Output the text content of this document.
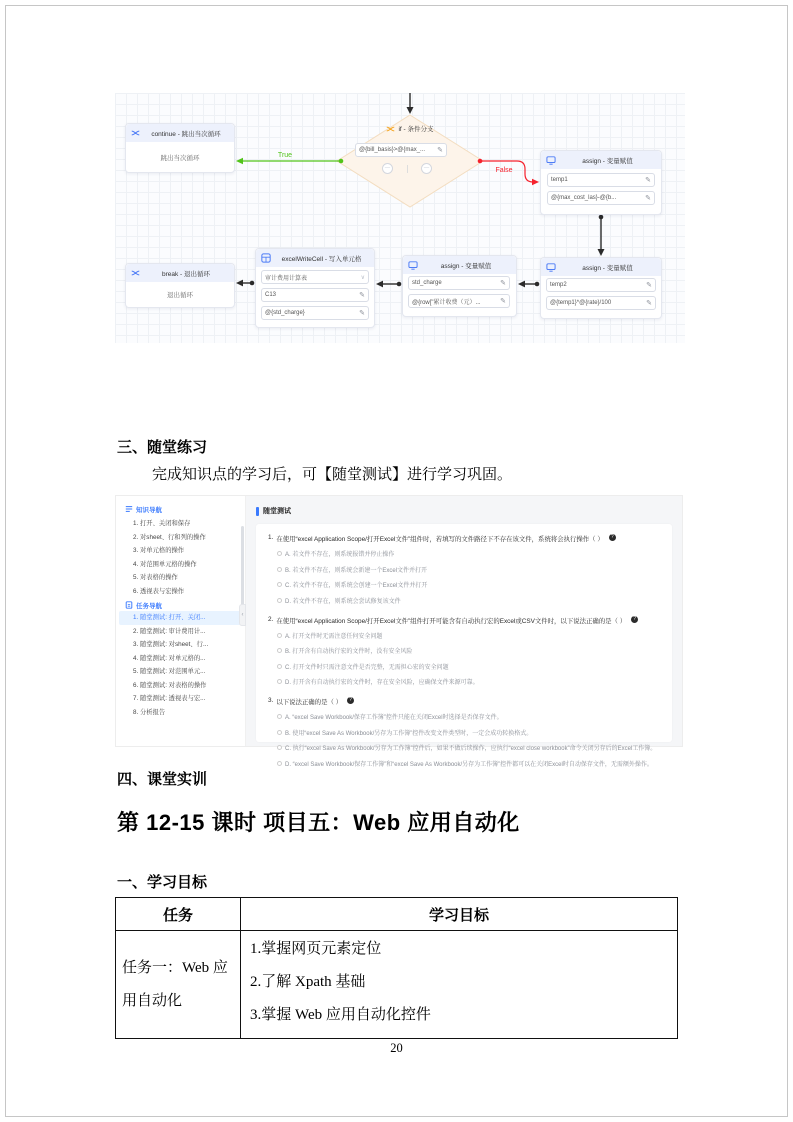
True
False
continue - 跳出当次循环
跳出当次循环
if - 条件分支
@{bill_basis}>@{max_... ✎
－	－
assign - 变量赋值
temp1	✎
@{max_cost_las}-@{b...	✎
break - 退出循环
退出循环
excelWriteCell - 写入单元格
审计费用计算表	∨
C13	✎
@{std_charge}	✎
assign - 变量赋值
std_charge	✎
@{row["累计收费（元）...	✎
assign - 变量赋值
temp2	✎
@{temp1}*@{rate}/100	✎
三、随堂练习
完成知识点的学习后，可【随堂测试】进行学习巩固。
知识导航
1. 打开、关闭和保存
2. 对sheet、行和列的操作
3. 对单元格的操作
4. 对范围单元格的操作
5. 对表格的操作
6. 透视表与宏操作
任务导航
1. 随堂测试: 打开、关闭...
2. 随堂测试: 审计费用计...
3. 随堂测试: 对sheet、行...
4. 随堂测试: 对单元格的...
5. 随堂测试: 对范围单元...
6. 随堂测试: 对表格的操作
7. 随堂测试: 透视表与宏...
8. 分析报告
‹
随堂测试
1. 在使用“excel Application Scope/打开Excel文件”组件时，若填写的文件路径下不存在该文件，系统将会执行操作（ ）	?
A. 若文件不存在，则系统报错并停止操作
B. 若文件不存在，则系统会新建一个Excel文件并打开
C. 若文件不存在，则系统会创建一个Excel文件并打开
D. 若文件不存在，则系统会尝试修复该文件
2. 在使用“excel Application Scope/打开Excel文件”组件打开可能含有自动执行宏的Excel或CSV文件时，以下说法正确的是（ ）	?
A. 打开文件时无需注意任何安全问题
B. 打开含有自动执行宏的文件时，没有安全风险
C. 打开文件时只需注意文件是否完整，无需担心宏的安全问题
D. 打开含有自动执行宏的文件时，存在安全风险，应确保文件来源可靠。
3. 以下说法正确的是（ ）	?
A. “excel Save Workbook/保存工作簿”控件只能在关闭Excel时选择是否保存文件。
B. 使用“excel Save As Workbook/另存为工作簿”控件改变文件类型时，一定会成功转换格式。
C. 执行“excel Save As Workbook/另存为工作簿”控件后，如果不做后续操作，应执行“excel close workbook”命令关闭另存后的Excel工作簿。
D. “excel Save Workbook/保存工作簿”和“excel Save As Workbook/另存为工作簿”控件都可以在关闭Excel时自动保存文件，无需额外操作。
四、课堂实训
第 12-15 课时 项目五：Web 应用自动化
一、学习目标
任务	学习目标
任务一：Web 应用自动化	1.掌握网页元素定位
2.了解 Xpath 基础
3.掌握 Web 应用自动化控件
20
